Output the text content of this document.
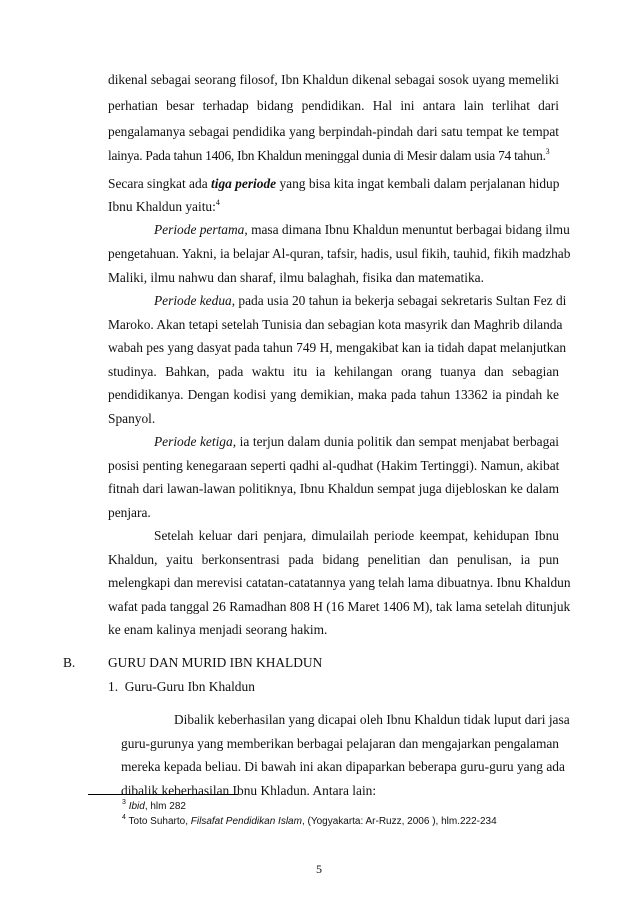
dikenal sebagai seorang filosof, Ibn Khaldun dikenal sebagai sosok uyang memeliki
perhatian besar terhadap bidang pendidikan. Hal ini antara lain terlihat dari
pengalamanya sebagai pendidika yang berpindah-pindah dari satu tempat ke tempat
lainya. Pada tahun 1406, Ibn Khaldun meninggal dunia di Mesir dalam usia 74 tahun.$^3$
Secara singkat ada tiga periode yang bisa kita ingat kembali dalam perjalanan hidup
Ibnu Khaldun yaitu:$^4$
Periode pertama, masa dimana Ibnu Khaldun menuntut berbagai bidang ilmu
pengetahuan. Yakni, ia belajar Al-quran, tafsir, hadis, usul fikih, tauhid, fikih madzhab
Maliki, ilmu nahwu dan sharaf, ilmu balaghah, fisika dan matematika.
Periode kedua, pada usia 20 tahun ia bekerja sebagai sekretaris Sultan Fez di
Maroko. Akan tetapi setelah Tunisia dan sebagian kota masyrik dan Maghrib dilanda
wabah pes yang dasyat pada tahun 749 H, mengakibat kan ia tidah dapat melanjutkan
studinya. Bahkan, pada waktu itu ia kehilangan orang tuanya dan sebagian
pendidikanya. Dengan kodisi yang demikian, maka pada tahun 13362 ia pindah ke
Spanyol.
Periode ketiga, ia terjun dalam dunia politik dan sempat menjabat berbagai
posisi penting kenegaraan seperti qadhi al-qudhat (Hakim Tertinggi). Namun, akibat
fitnah dari lawan-lawan politiknya, Ibnu Khaldun sempat juga dijebloskan ke dalam
penjara.
Setelah keluar dari penjara, dimulailah periode keempat, kehidupan Ibnu
Khaldun, yaitu berkonsentrasi pada bidang penelitian dan penulisan, ia pun
melengkapi dan merevisi catatan-catatannya yang telah lama dibuatnya. Ibnu Khaldun
wafat pada tanggal 26 Ramadhan 808 H (16 Maret 1406 M), tak lama setelah ditunjuk
ke enam kalinya menjadi seorang hakim.
B. GURU DAN MURID IBN KHALDUN
1.  Guru-Guru Ibn Khaldun
Dibalik keberhasilan yang dicapai oleh Ibnu Khaldun tidak luput dari jasa
guru-gurunya yang memberikan berbagai pelajaran dan mengajarkan pengalaman
mereka kepada beliau. Di bawah ini akan dipaparkan beberapa guru-guru yang ada
dibalik keberhasilan Ibnu Khladun. Antara lain:
$^3$ Ibid, hlm 282
$^4$ Toto Suharto, Filsafat Pendidikan Islam, (Yogyakarta: Ar-Ruzz, 2006 ), hlm.222-234
5
